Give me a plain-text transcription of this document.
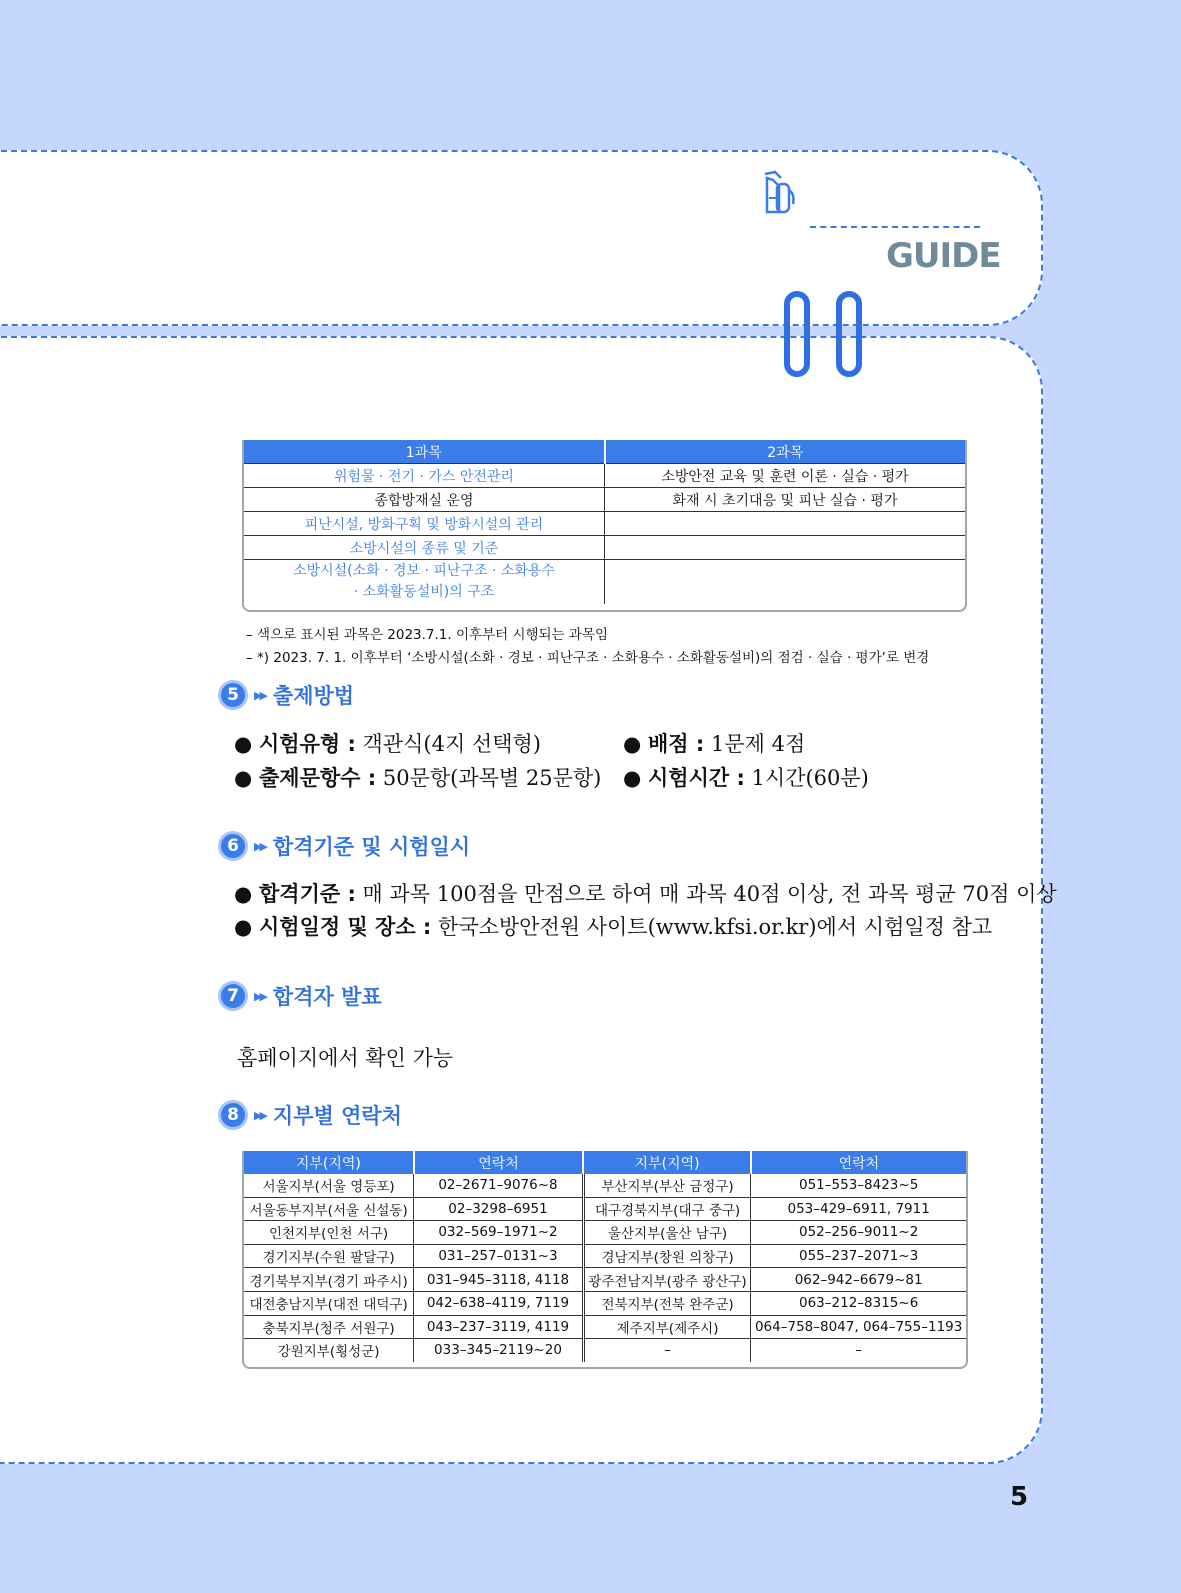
GUIDE
1과목	2과목
위험물 · 전기 · 가스 안전관리	소방안전 교육 및 훈련 이론 · 실습 · 평가
종합방재실 운영	화재 시 초기대응 및 피난 실습 · 평가
피난시설, 방화구획 및 방화시설의 관리	
소방시설의 종류 및 기준	
소방시설(소화 · 경보 · 피난구조 · 소화용수
· 소화활동설비)의 구조	
– 색으로 표시된 과목은 2023.7.1. 이후부터 시행되는 과목임
– *) 2023. 7. 1. 이후부터 ‘소방시설(소화 · 경보 · 피난구조 · 소화용수 · 소화활동설비)의 점검 · 실습 · 평가’로 변경
5	▶▶ 출제방법
● 시험유형 : 객관식(4지 선택형)
● 출제문항수 : 50문항(과목별 25문항)
● 배점 : 1문제 4점
● 시험시간 : 1시간(60분)
6	▶▶ 합격기준 및 시험일시
● 합격기준 : 매 과목 100점을 만점으로 하여 매 과목 40점 이상, 전 과목 평균 70점 이상
● 시험일정 및 장소 : 한국소방안전원 사이트(www.kfsi.or.kr)에서 시험일정 참고
7	▶▶ 합격자 발표
홈페이지에서 확인 가능
8	▶▶ 지부별 연락처
지부(지역)	연락처	지부(지역)	연락처
서울지부(서울 영등포)	02–2671–9076~8	부산지부(부산 금정구)	051–553–8423~5
서울동부지부(서울 신설동)	02–3298–6951	대구경북지부(대구 중구)	053–429–6911, 7911
인천지부(인천 서구)	032–569–1971~2	울산지부(울산 남구)	052–256–9011~2
경기지부(수원 팔달구)	031–257–0131~3	경남지부(창원 의창구)	055–237–2071~3
경기북부지부(경기 파주시)	031–945–3118, 4118	광주전남지부(광주 광산구)	062–942–6679~81
대전충남지부(대전 대덕구)	042–638–4119, 7119	전북지부(전북 완주군)	063–212–8315~6
충북지부(청주 서원구)	043–237–3119, 4119	제주지부(제주시)	064–758–8047, 064–755–1193
강원지부(횡성군)	033–345–2119~20	–	–
5
